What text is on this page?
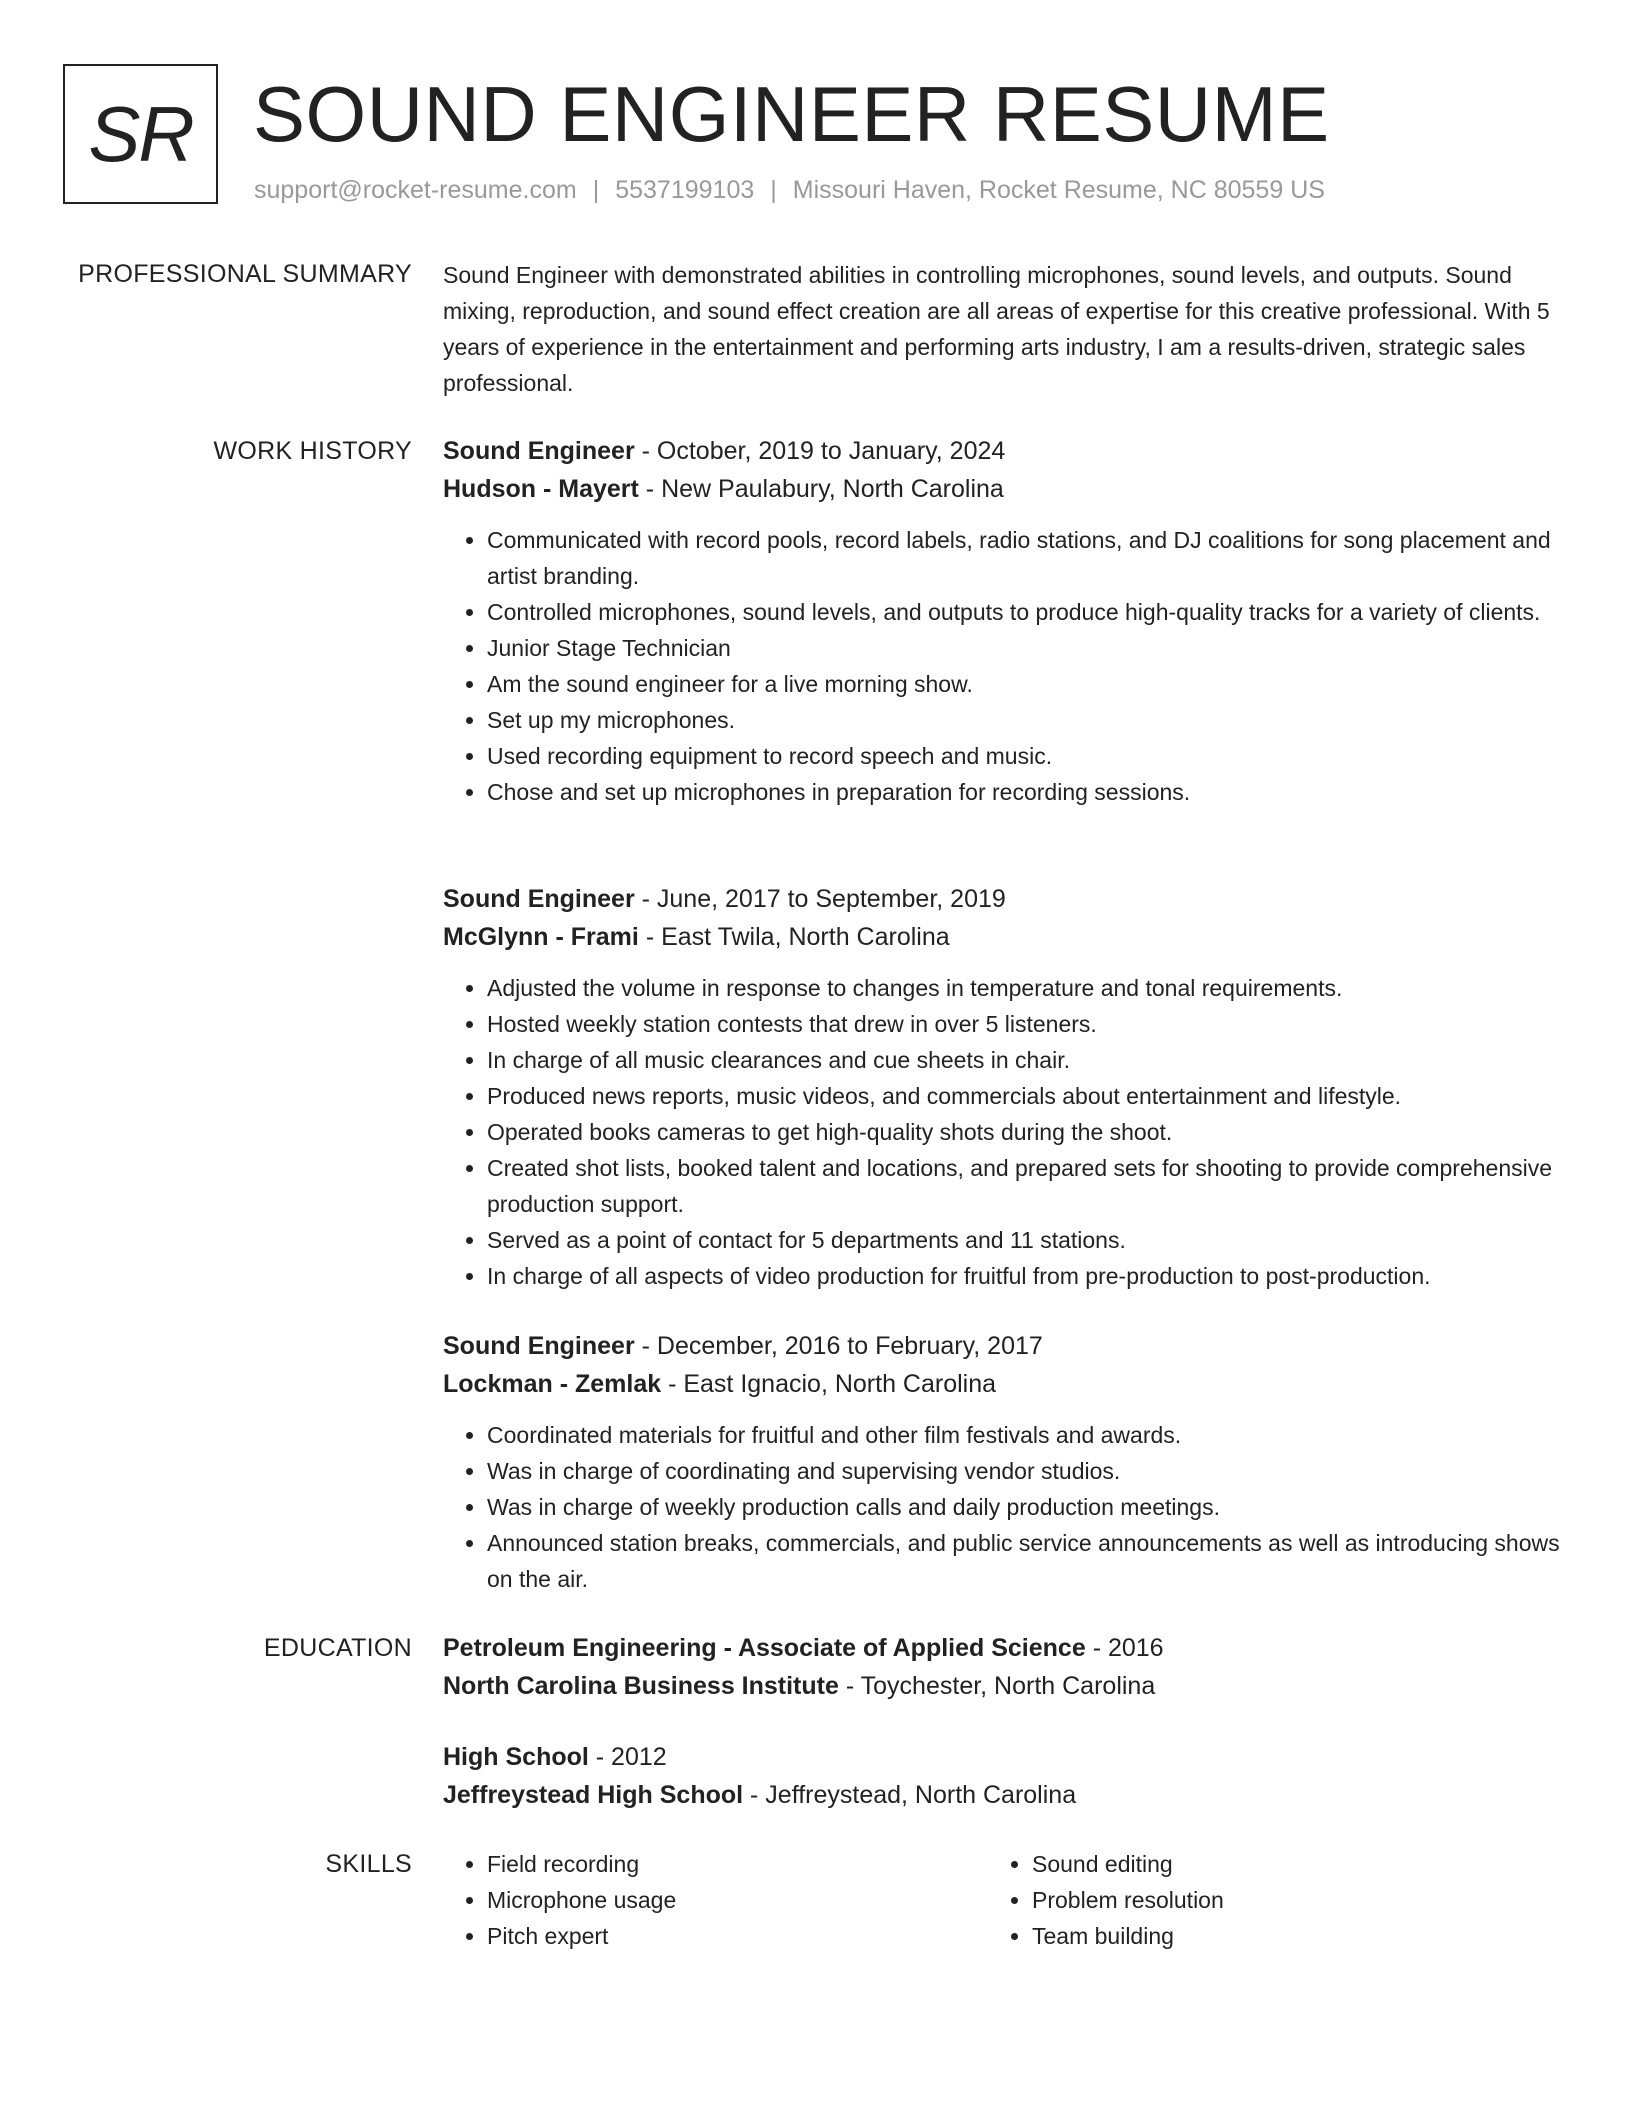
SR SOUND ENGINEER RESUME
support@rocket-resume.com | 5537199103 | Missouri Haven, Rocket Resume, NC 80559 US
PROFESSIONAL SUMMARY Sound Engineer with demonstrated abilities in controlling microphones, sound levels, and outputs. Sound mixing, reproduction, and sound effect creation are all areas of expertise for this creative professional. With 5 years of experience in the entertainment and performing arts industry, I am a results-driven, strategic sales professional.
WORK HISTORY Sound Engineer - October, 2019 to January, 2024
Hudson - Mayert - New Paulabury, North Carolina
• Communicated with record pools, record labels, radio stations, and DJ coalitions for song placement and artist branding.
• Controlled microphones, sound levels, and outputs to produce high-quality tracks for a variety of clients.
• Junior Stage Technician
• Am the sound engineer for a live morning show.
• Set up my microphones.
• Used recording equipment to record speech and music.
• Chose and set up microphones in preparation for recording sessions.
Sound Engineer - June, 2017 to September, 2019
McGlynn - Frami - East Twila, North Carolina
• Adjusted the volume in response to changes in temperature and tonal requirements.
• Hosted weekly station contests that drew in over 5 listeners.
• In charge of all music clearances and cue sheets in chair.
• Produced news reports, music videos, and commercials about entertainment and lifestyle.
• Operated books cameras to get high-quality shots during the shoot.
• Created shot lists, booked talent and locations, and prepared sets for shooting to provide comprehensive production support.
• Served as a point of contact for 5 departments and 11 stations.
• In charge of all aspects of video production for fruitful from pre-production to post-production.
Sound Engineer - December, 2016 to February, 2017
Lockman - Zemlak - East Ignacio, North Carolina
• Coordinated materials for fruitful and other film festivals and awards.
• Was in charge of coordinating and supervising vendor studios.
• Was in charge of weekly production calls and daily production meetings.
• Announced station breaks, commercials, and public service announcements as well as introducing shows on the air.
EDUCATION Petroleum Engineering - Associate of Applied Science - 2016
North Carolina Business Institute - Toychester, North Carolina
High School - 2012
Jeffreystead High School - Jeffreystead, North Carolina
SKILLS
•	Field recording
• Microphone usage
• Pitch expert
• Sound editing
• Problem resolution
• Team building
